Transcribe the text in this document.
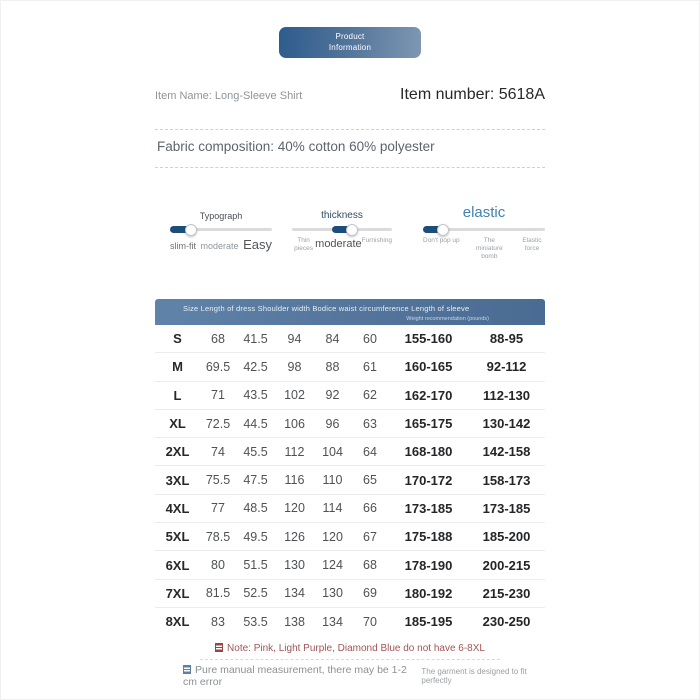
Product
Information
Item Name: Long-Sleeve Shirt	Item number: 5618A
Fabric composition: 40% cotton 60% polyester
Typograph
slim-fit moderate Easy
thickness
Thin pieces moderate Furnishing
elastic
Don't pop up	The miniature bomb
Elastic force
Size Length of dress Shoulder width Bodice waist circumference Length of sleeve
Weight recommendation (pounds)
S	68	41.5	94	84	60	155-160	88-95
M	69.5	42.5	98	88	61	160-165	92-112
L	71	43.5	102	92	62	162-170	112-130
XL	72.5	44.5	106	96	63	165-175	130-142
2XL	74	45.5	112	104	64	168-180	142-158
3XL	75.5	47.5	116	110	65	170-172	158-173
4XL	77	48.5	120	114	66	173-185	173-185
5XL	78.5	49.5	126	120	67	175-188	185-200
6XL	80	51.5	130	124	68	178-190	200-215
7XL	81.5	52.5	134	130	69	180-192	215-230
8XL	83	53.5	138	134	70	185-195	230-250
Note: Pink, Light Purple, Diamond Blue do not have 6-8XL
Pure manual measurement, there may be 1-2 cm error
The garment is designed to fit perfectly
